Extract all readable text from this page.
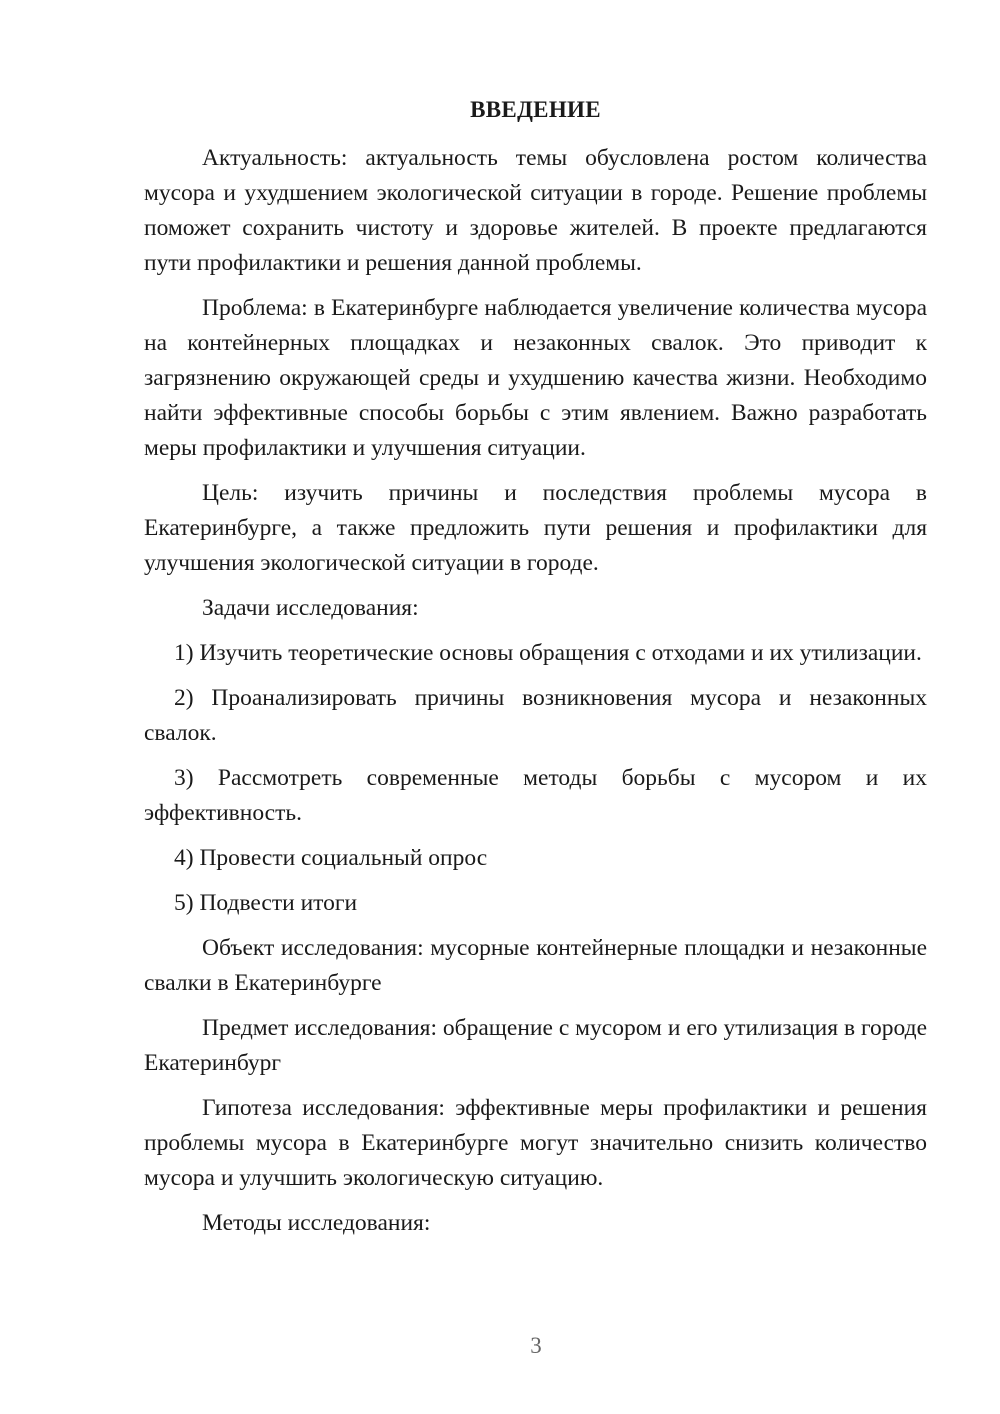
ВВЕДЕНИЕ

Актуальность: актуальность темы обусловлена ростом количества мусора и ухудшением экологической ситуации в городе. Решение проблемы поможет сохранить чистоту и здоровье жителей. В проекте предлагаются пути профилактики и решения данной проблемы.

Проблема: в Екатеринбурге наблюдается увеличение количества мусора на контейнерных площадках и незаконных свалок. Это приводит к загрязнению окружающей среды и ухудшению качества жизни. Необходимо найти эффективные способы борьбы с этим явлением. Важно разработать меры профилактики и улучшения ситуации.

Цель: изучить причины и последствия проблемы мусора в Екатеринбурге, а также предложить пути решения и профилактики для улучшения экологической ситуации в городе.

Задачи исследования:

1) Изучить теоретические основы обращения с отходами и их утилизации.

2) Проанализировать причины возникновения мусора и незаконных свалок.

3) Рассмотреть современные методы борьбы с мусором и их эффективность.

4) Провести социальный опрос

5) Подвести итоги

Объект исследования: мусорные контейнерные площадки и незаконные свалки в Екатеринбурге

Предмет исследования: обращение с мусором и его утилизация в городе Екатеринбург

Гипотеза исследования: эффективные меры профилактики и решения проблемы мусора в Екатеринбурге могут значительно снизить количество мусора и улучшить экологическую ситуацию.

Методы исследования:

3
